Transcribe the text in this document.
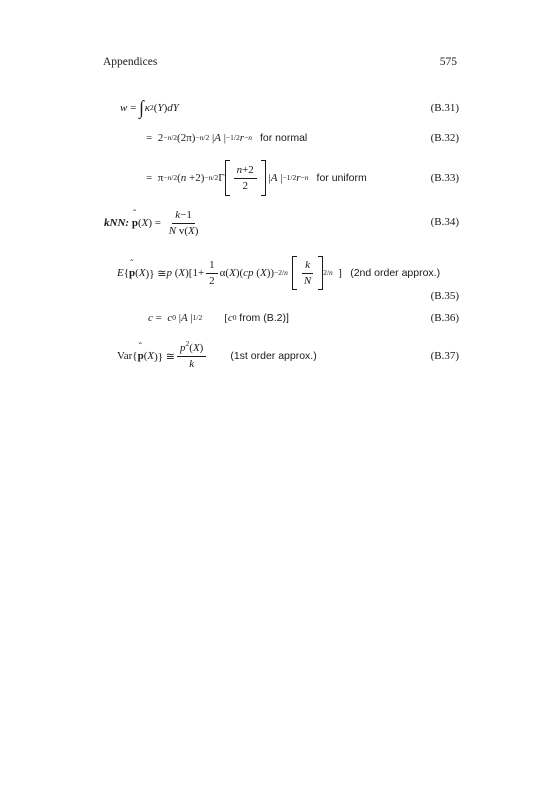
Appendices	575
w = ∫ κ 2 ( Y ) dY	(B.31)
=  2 −n/2 (2π) −n/2 | A | −1/2 r −n for normal	(B.32)
=  π −n/2 ( n +2) −n/2 Γ $\frac{n+2}{2}$ | A | −1/2 r −n for uniform	(B.33)
kNN:
ˆ p ( X ) = $\frac{k-1}{\text{N v(X)}}$	(B.34)
E { ˆ p ( X )} ≅ p ( X )[$1+ \frac{1}{2} \alpha$( X )( cp ( X )) $-2/n \frac{k}{N} 2/n$ ] (2nd order approx.)
(B.35)
c = c 0 | A | 1/2 [ c 0
from (B.2)]	(B.36)
Var{ ˆ p ( X )} ≅ $\frac{p^2(X)}{k} (1st$ order approx.)	(B.37)
